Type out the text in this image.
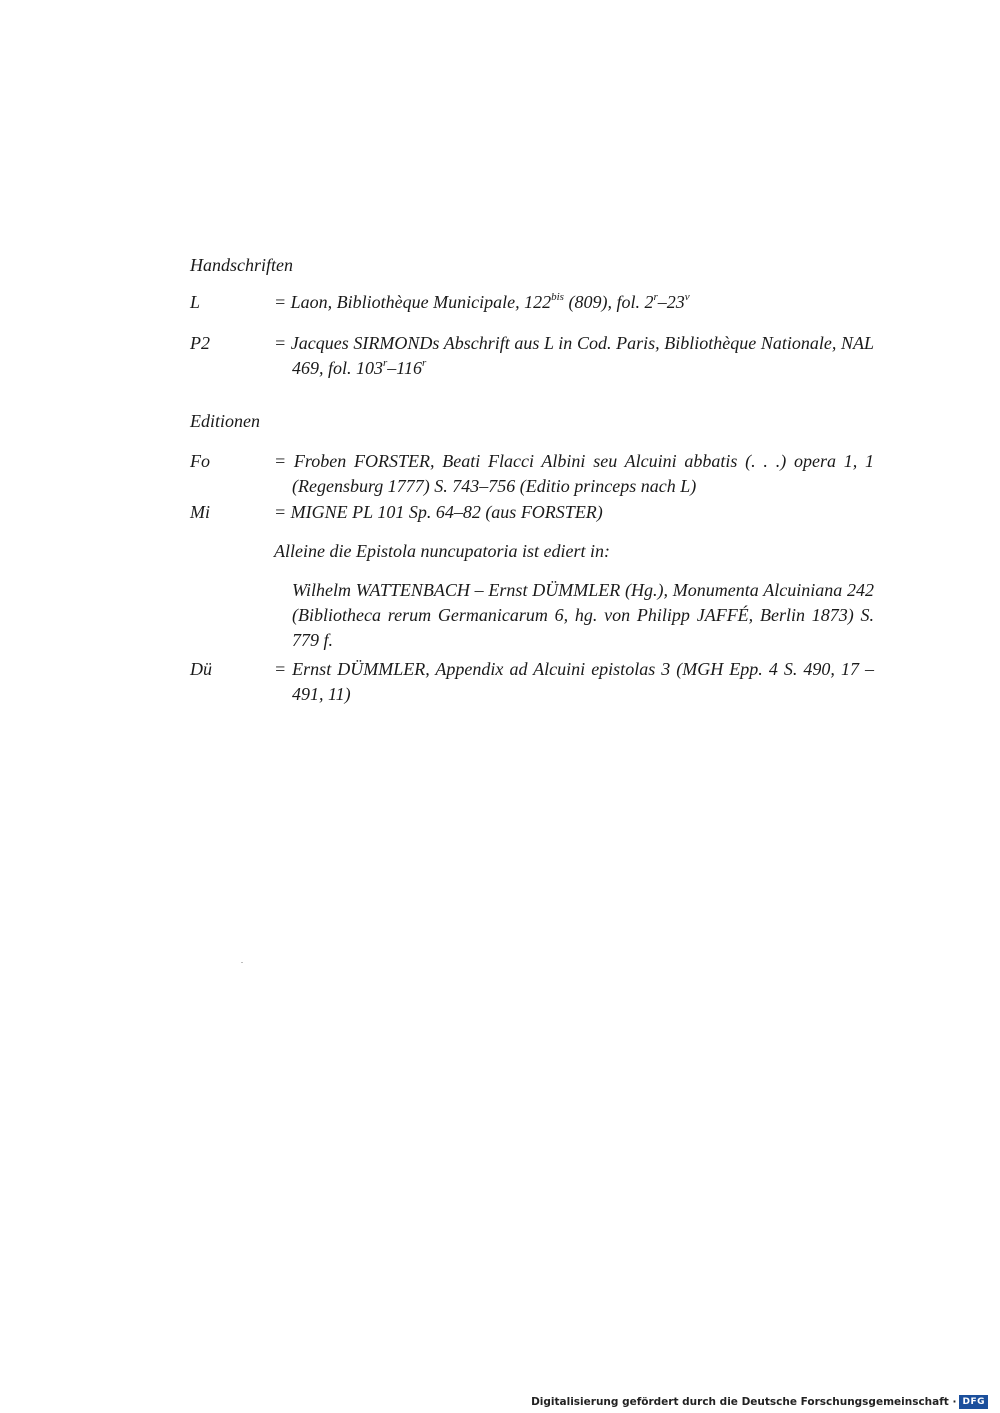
Handschriften
L	= Laon, Bibliothèque Municipale, $122^{bis}$ (809), fol. 2$^r$–23$^v$
P2	= Jacques SIRMONDs Abschrift aus L in Cod. Paris, Bibliothèque Nationale, NAL 469, fol. 103$^r$–116$^r$
Editionen
Fo	= Froben FORSTER, Beati Flacci Albini seu Alcuini abbatis (. . .) opera 1, 1 (Regensburg 1777) S. 743–756 (Editio princeps nach L)
Mi	= MIGNE PL 101 Sp. 64–82 (aus FORSTER)
Alleine die Epistola nuncupatoria ist ediert in:
Wilhelm WATTENBACH – Ernst DÜMMLER (Hg.), Monumenta Alcuiniana 242 (Bibliotheca rerum Germanicarum 6, hg. von Philipp JAFFÉ, Berlin 1873) S. 779 f.
Dü	= Ernst DÜMMLER, Appendix ad Alcuini epistolas 3 (MGH Epp. 4 S. 490, 17 – 491, 11)
Digitalisierung gefördert durch die Deutsche Forschungsgemeinschaft · DFG
